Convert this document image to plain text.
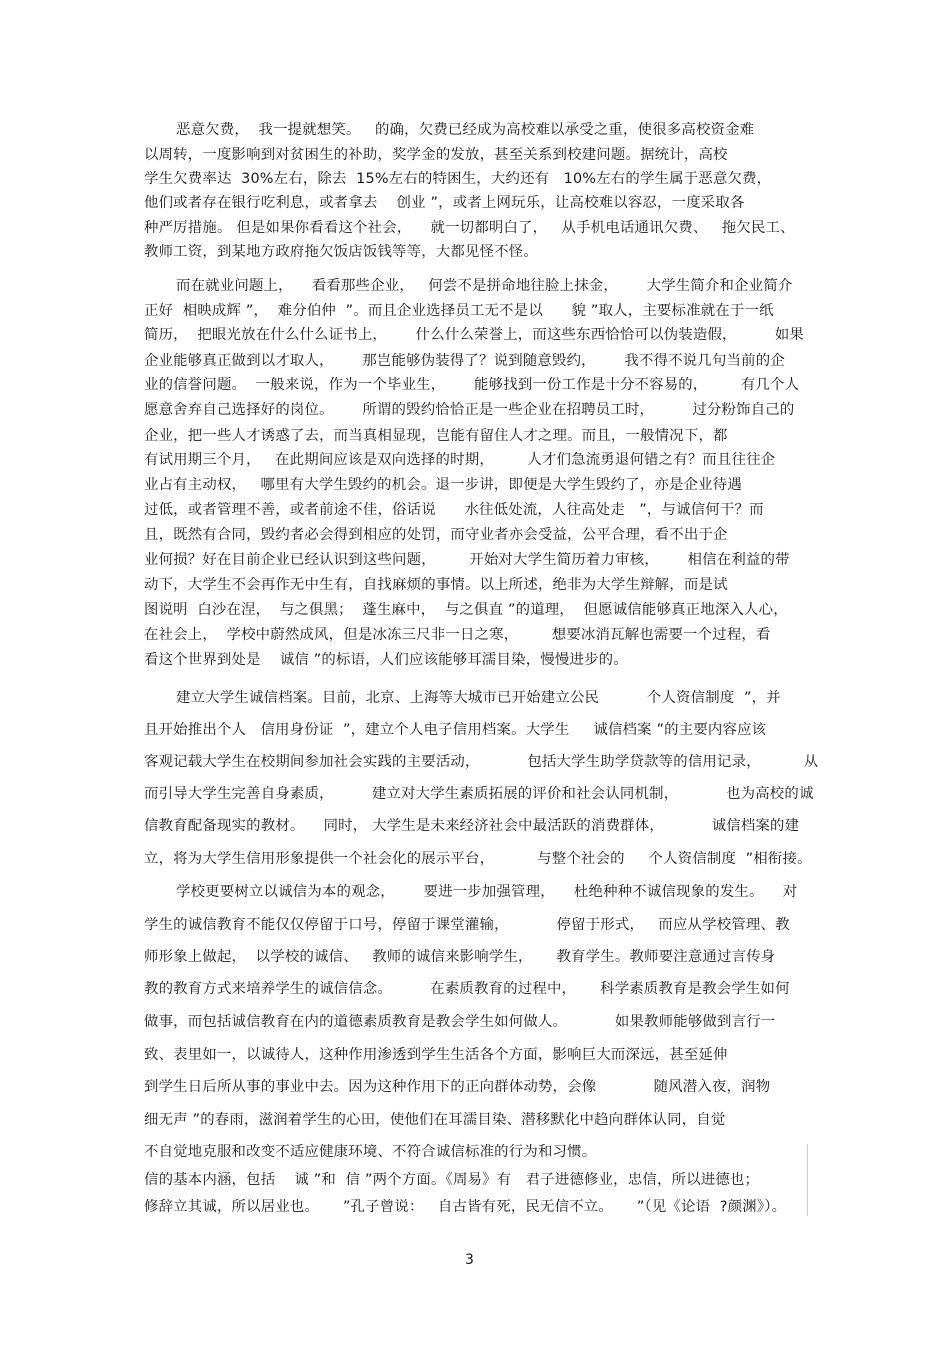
恶意欠费，  我一提就想笑。   的确，欠费已经成为高校难以承受之重，使很多高校资金难
以周转，一度影响到对贫困生的补助，奖学金的发放，甚至关系到校建问题。据统计，高校
学生欠费率达  30%左右，除去  15%左右的特困生，大约还有   10%左右的学生属于恶意欠费，
他们或者存在银行吃利息，或者拿去    创业 ”，或者上网玩乐，让高校难以容忍，一度采取各
种严厉措施。 但是如果你看看这个社会，    就一切都明白了，   从手机电话通讯欠费、   拖欠民工、
教师工资，到某地方政府拖欠饭店饭钱等等，大都见怪不怪。
而在就业问题上，    看看那些企业，   何尝不是拼命地往脸上抹金，      大学生简介和企业简介
正好  相映成辉 ”，  难分伯仲  ”。而且企业选择员工无不是以      貌 ”取人，主要标准就在于一纸
简历，  把眼光放在什么什么证书上，      什么什么荣誉上，而这些东西恰恰可以伪装造假，        如果
企业能够真正做到以才取人，      那岂能够伪装得了？说到随意毁约，      我不得不说几句当前的企
业的信誉问题。  一般来说，作为一个毕业生，      能够找到一份工作是十分不容易的，       有几个人
愿意舍弃自己选择好的岗位。      所谓的毁约恰恰正是一些企业在招聘员工时，        过分粉饰自己的
企业，把一些人才诱惑了去，而当真相显现，岂能有留住人才之理。而且，一般情况下，都
有试用期三个月，   在此期间应该是双向选择的时期，       人才们急流勇退何错之有？而且往往企
业占有主动权，   哪里有大学生毁约的机会。退一步讲，即便是大学生毁约了，亦是企业待遇
过低，或者管理不善，或者前途不佳，俗话说      水往低处流，人往高处走   ”，与诚信何干？而
且，既然有合同，毁约者必会得到相应的处罚，而守业者亦会受益，公平合理，看不出于企
业何损？好在目前企业已经认识到这些问题，       开始对大学生简历着力审核，      相信在利益的带
动下，大学生不会再作无中生有，自找麻烦的事情。以上所述，绝非为大学生辩解，而是试
图说明  白沙在涅，  与之俱黑；  蓬生麻中，  与之俱直 ”的道理，  但愿诚信能够真正地深入人心，
在社会上，  学校中蔚然成风，但是冰冻三尺非一日之寒，       想要冰消瓦解也需要一个过程，看
看这个世界到处是    诚信 ”的标语，人们应该能够耳濡目染，慢慢进步的。
建立大学生诚信档案。目前，北京、上海等大城市已开始建立公民          个人资信制度  ”，并
且开始推出个人   信用身份证  ”，建立个人电子信用档案。大学生     诚信档案 ”的主要内容应该
客观记载大学生在校期间参加社会实践的主要活动，          包括大学生助学贷款等的信用记录，         从
而引导大学生完善自身素质，        建立对大学生素质拓展的评价和社会认同机制，          也为高校的诚
信教育配备现实的教材。    同时， 大学生是未来经济社会中最活跃的消费群体，          诚信档案的建
立，将为大学生信用形象提供一个社会化的展示平台，         与整个社会的     个人资信制度  ”相衔接。
学校更要树立以诚信为本的观念，      要进一步加强管理，    杜绝种种不诚信现象的发生。    对
学生的诚信教育不能仅仅停留于口号，停留于课堂灌输，          停留于形式，   而应从学校管理、教
师形象上做起，  以学校的诚信、   教师的诚信来影响学生，     教育学生。教师要注意通过言传身
教的教育方式来培养学生的诚信信念。        在素质教育的过程中，     科学素质教育是教会学生如何
做事，而包括诚信教育在内的道德素质教育是教会学生如何做人。          如果教师能够做到言行一
致、表里如一，以诚待人，这种作用渗透到学生生活各个方面，影响巨大而深远，甚至延伸
到学生日后所从事的事业中去。因为这种作用下的正向群体动势，会像            随风潜入夜，润物
细无声 ”的春雨，滋润着学生的心田，使他们在耳濡目染、潜移默化中趋向群体认同，自觉
不自觉地克服和改变不适应健康环境、不符合诚信标准的行为和习惯。
信的基本内涵，包括    诚 ”和  信 ”两个方面。《周易》有   君子进德修业，忠信，所以进德也；
修辞立其诚，所以居业也。     ”孔子曾说：   自古皆有死，民无信不立。     ”（见《论语  ?颜渊》）。
3
